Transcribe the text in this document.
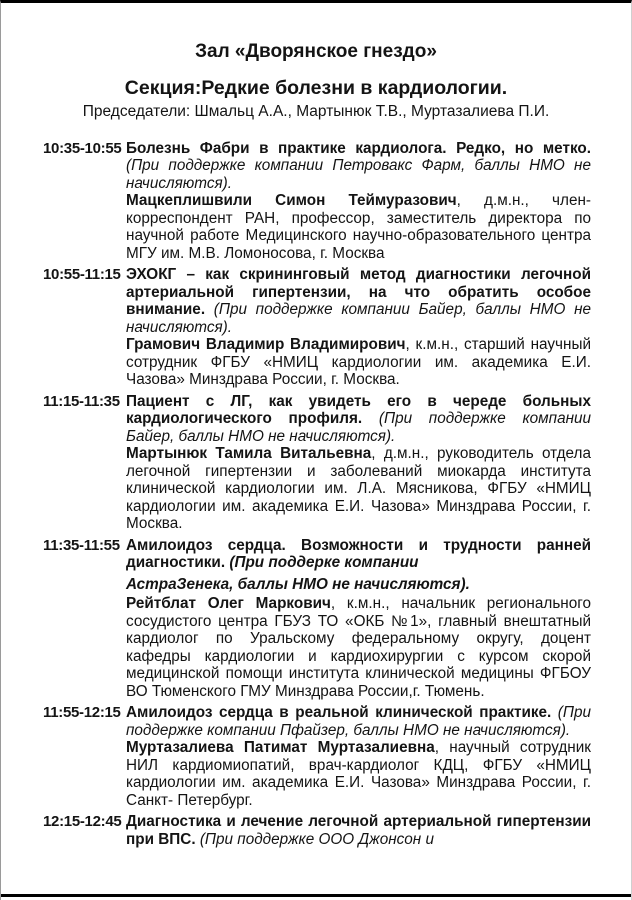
Зал «Дворянское гнездо»
Секция:Редкие болезни в кардиологии.
Председатели: Шмальц А.А., Мартынюк Т.В., Муртазалиева П.И.
10:35-10:55 Болезнь Фабри в практике кардиолога. Редко, но метко. (При поддержке компании Петровакс Фарм, баллы НМО не начисляются).

Мацкеплишвили Симон Теймуразович, д.м.н., член-корреспондент РАН, профессор, заместитель директора по научной работе Медицинского научно-образовательного центра МГУ им. М.В. Ломоносова, г. Москва

10:55-11:15 ЭХОКГ – как скрининговый метод диагностики легочной артериальной гипертензии, на что обратить особое внимание. (При поддержке компании Байер, баллы НМО не начисляются).

Грамович Владимир Владимирович, к.м.н., старший научный сотрудник ФГБУ «НМИЦ кардиологии им. академика Е.И. Чазова» Минздрава России, г. Москва.

11:15-11:35 Пациент с ЛГ, как увидеть его в череде больных кардиологического профиля. (При поддержке компании Байер, баллы НМО не начисляются).

Мартынюк Тамила Витальевна, д.м.н., руководитель отдела легочной гипертензии и заболеваний миокарда института клинической кардиологии им. Л.А. Мясникова, ФГБУ «НМИЦ кардиологии им. академика Е.И. Чазова» Минздрава России, г. Москва.

11:35-11:55 Амилоидоз сердца. Возможности и трудности ранней диагностики. (При поддерке компании

АстраЗенека, баллы НМО не начисляются).

Рейтблат Олег Маркович, к.м.н., начальник регионального сосудистого центра ГБУЗ ТО «ОКБ №1», главный внештатный кардиолог по Уральскому федеральному округу, доцент кафедры кардиологии и кардиохирургии с курсом скорой медицинской помощи института клинической медицины ФГБОУ ВО Тюменского ГМУ Минздрава России,г. Тюмень.

11:55-12:15 Амилоидоз сердца в реальной клинической практике. (При поддержке компании Пфайзер, баллы НМО не начисляются).

Муртазалиева Патимат Муртазалиевна, научный сотрудник НИЛ кардиомиопатий, врач-кардиолог КДЦ, ФГБУ «НМИЦ кардиологии им. академика Е.И. Чазова» Минздрава России, г. Санкт- Петербург.

12:15-12:45 Диагностика и лечение легочной артериальной гипертензии при ВПС. (При поддержке ООО Джонсон и
